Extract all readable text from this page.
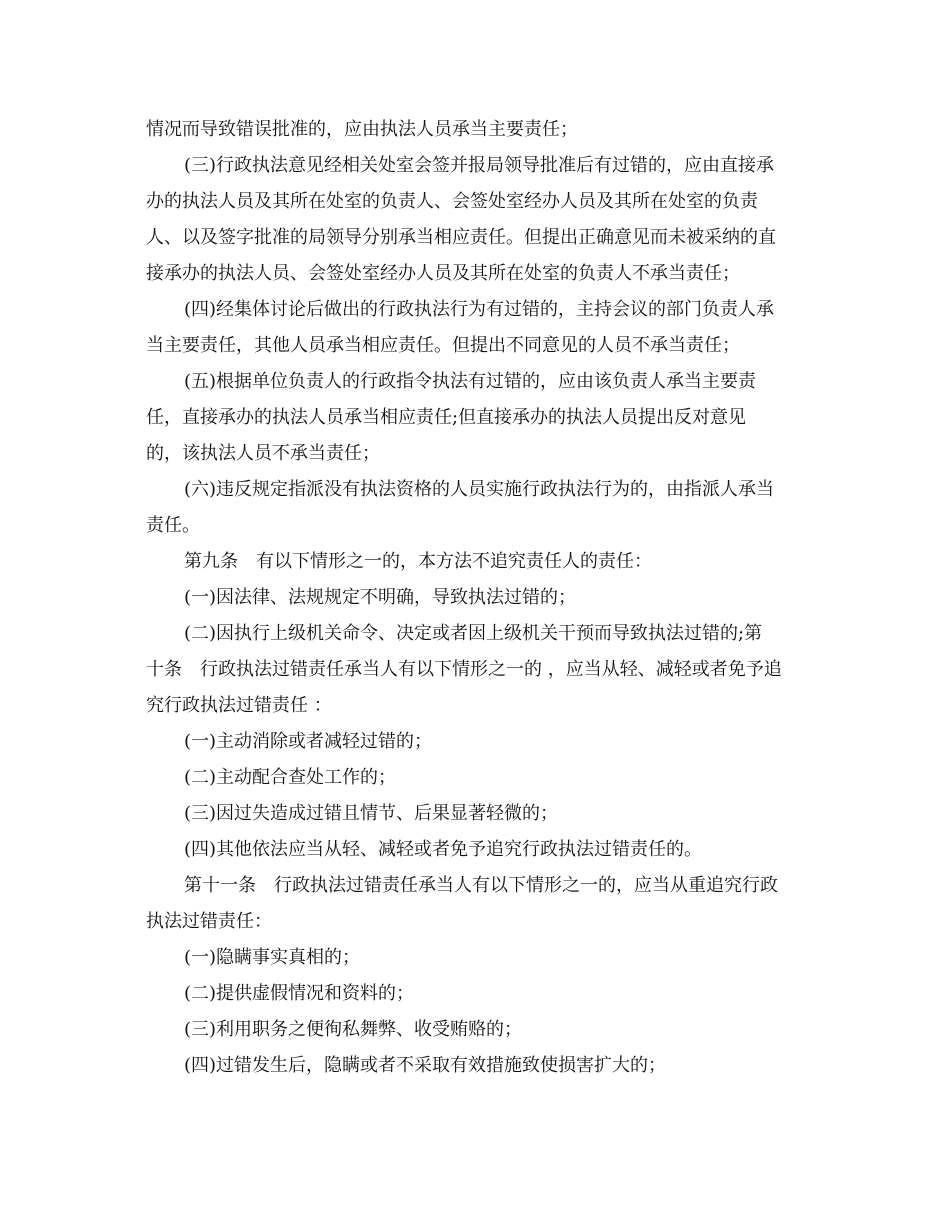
情况而导致错误批准的，应由执法人员承当主要责任；
(三)行政执法意见经相关处室会签并报局领导批准后有过错的，应由直接承
办的执法人员及其所在处室的负责人、会签处室经办人员及其所在处室的负责
人、以及签字批准的局领导分别承当相应责任。但提出正确意见而未被采纳的直
接承办的执法人员、会签处室经办人员及其所在处室的负责人不承当责任；
(四)经集体讨论后做出的行政执法行为有过错的，主持会议的部门负责人承
当主要责任，其他人员承当相应责任。但提出不同意见的人员不承当责任；
(五)根据单位负责人的行政指令执法有过错的，应由该负责人承当主要责
任，直接承办的执法人员承当相应责任;但直接承办的执法人员提出反对意见
的，该执法人员不承当责任；
(六)违反规定指派没有执法资格的人员实施行政执法行为的，由指派人承当
责任。
第九条　有以下情形之一的，本方法不追究责任人的责任：
(一)因法律、法规规定不明确，导致执法过错的；
(二)因执行上级机关命令、决定或者因上级机关干预而导致执法过错的;第
十条　行政执法过错责任承当人有以下情形之一的 ，应当从轻、减轻或者免予追
究行政执法过错责任 ：
(一)主动消除或者减轻过错的；
(二)主动配合查处工作的；
(三)因过失造成过错且情节、后果显著轻微的；
(四)其他依法应当从轻、减轻或者免予追究行政执法过错责任的。
第十一条　行政执法过错责任承当人有以下情形之一的，应当从重追究行政
执法过错责任：
(一)隐瞒事实真相的；
(二)提供虚假情况和资料的；
(三)利用职务之便徇私舞弊、收受贿赂的；
(四)过错发生后，隐瞒或者不采取有效措施致使损害扩大的；
